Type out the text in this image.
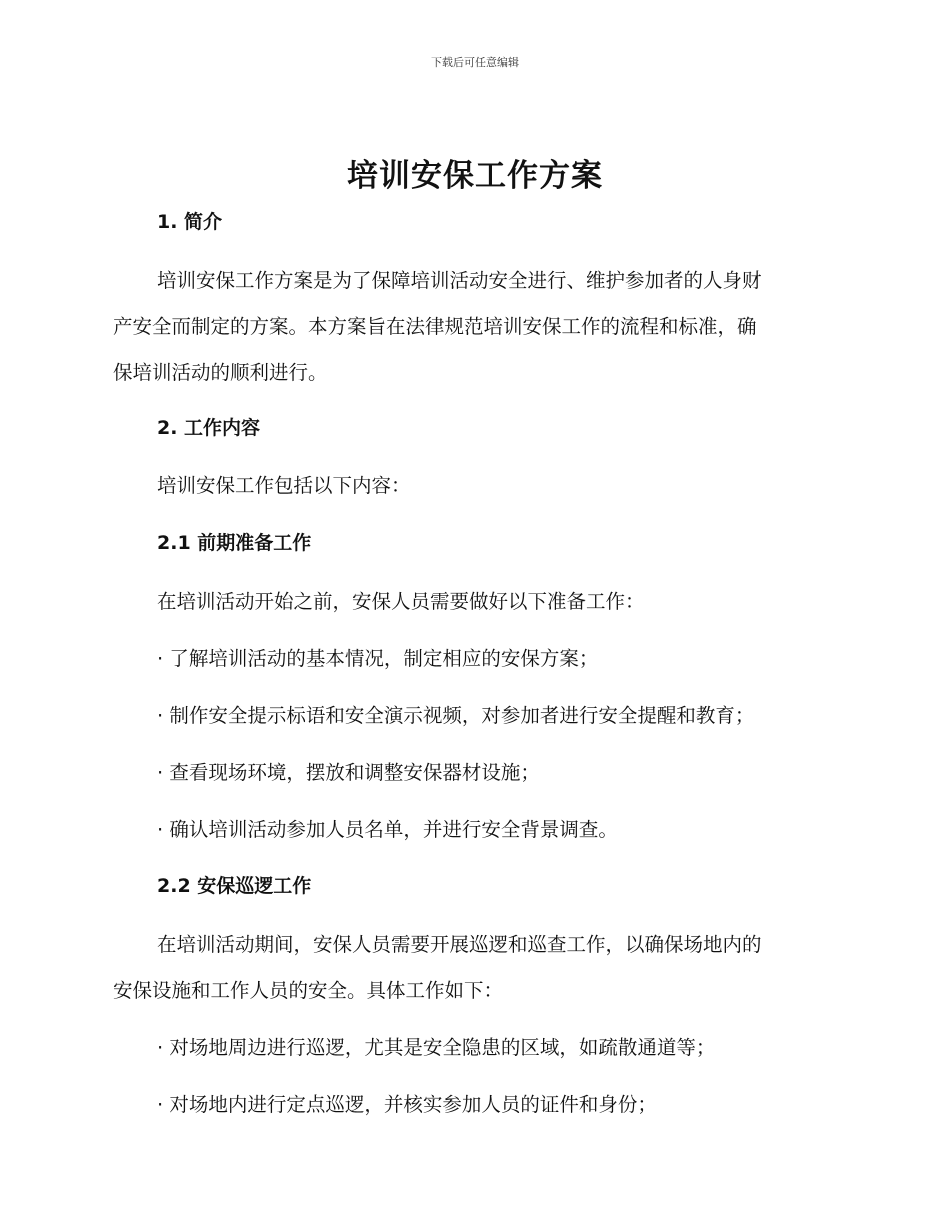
下载后可任意编辑
培训安保工作方案
1. 简介

培训安保工作方案是为了保障培训活动安全进行、维护参加者的人身财

产安全而制定的方案。本方案旨在法律规范培训安保工作的流程和标准，确

保培训活动的顺利进行。

2. 工作内容

培训安保工作包括以下内容：

2.1 前期准备工作

在培训活动开始之前，安保人员需要做好以下准备工作：

· 了解培训活动的基本情况，制定相应的安保方案；

· 制作安全提示标语和安全演示视频，对参加者进行安全提醒和教育；

· 查看现场环境，摆放和调整安保器材设施；

· 确认培训活动参加人员名单，并进行安全背景调查。

2.2 安保巡逻工作

在培训活动期间，安保人员需要开展巡逻和巡查工作，以确保场地内的

安保设施和工作人员的安全。具体工作如下：

· 对场地周边进行巡逻，尤其是安全隐患的区域，如疏散通道等；

· 对场地内进行定点巡逻，并核实参加人员的证件和身份；
